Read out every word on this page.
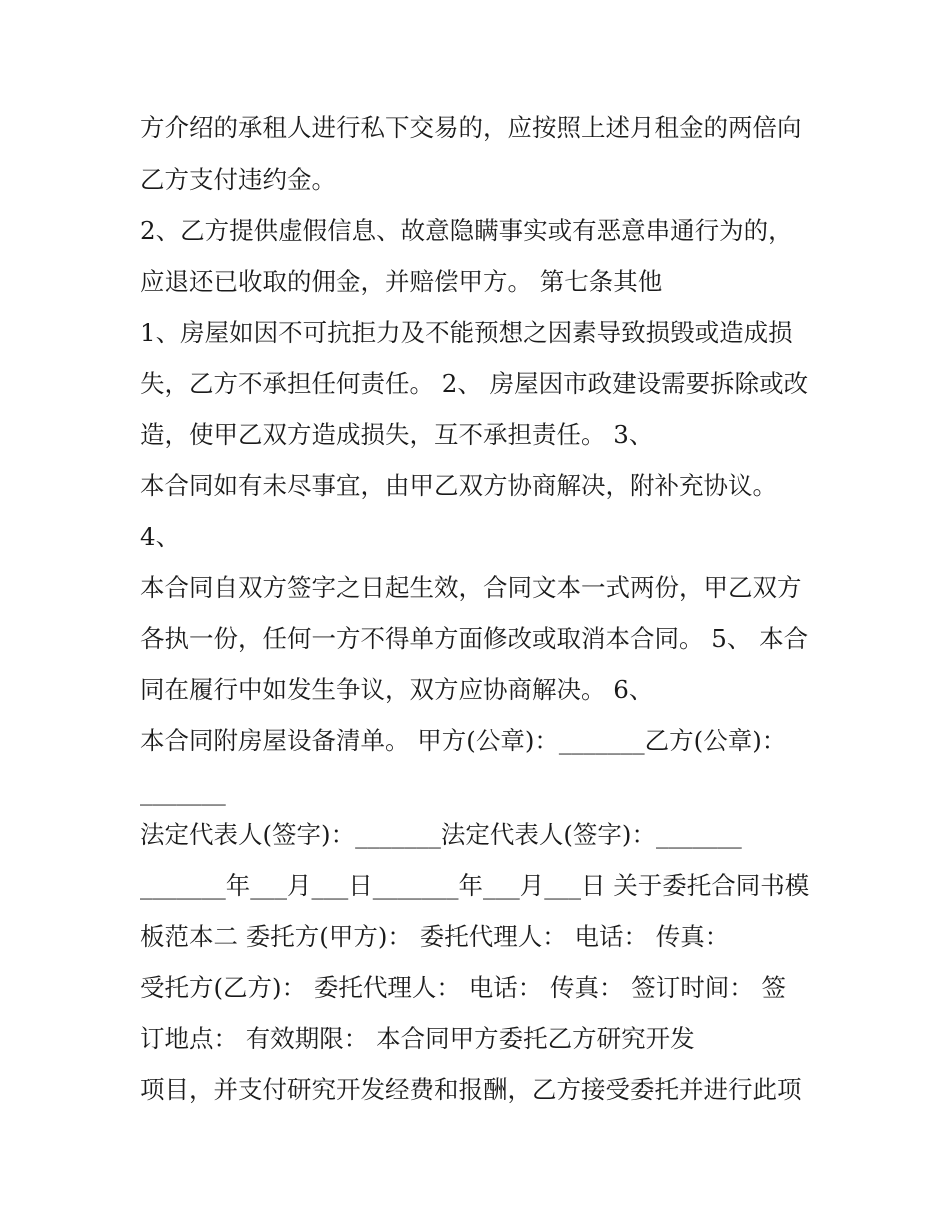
方介绍的承租人进行私下交易的，应按照上述月租金的两倍向
乙方支付违约金。
2、乙方提供虚假信息、故意隐瞒事实或有恶意串通行为的，
应退还已收取的佣金，并赔偿甲方。 第七条其他
1、房屋如因不可抗拒力及不能预想之因素导致损毁或造成损
失，乙方不承担任何责任。 2、 房屋因市政建设需要拆除或改
造，使甲乙双方造成损失，互不承担责任。 3、
本合同如有未尽事宜，由甲乙双方协商解决，附补充协议。
4、
本合同自双方签字之日起生效，合同文本一式两份，甲乙双方
各执一份，任何一方不得单方面修改或取消本合同。 5、 本合
同在履行中如发生争议，双方应协商解决。 6、
本合同附房屋设备清单。 甲方(公章)：_______乙方(公章)：
_______
法定代表人(签字)：_______法定代表人(签字)：_______
_______年___月___日_______年___月___日 关于委托合同书模
板范本二 委托方(甲方)： 委托代理人： 电话： 传真：
受托方(乙方)： 委托代理人： 电话： 传真： 签订时间： 签
订地点： 有效期限： 本合同甲方委托乙方研究开发
项目，并支付研究开发经费和报酬，乙方接受委托并进行此项
